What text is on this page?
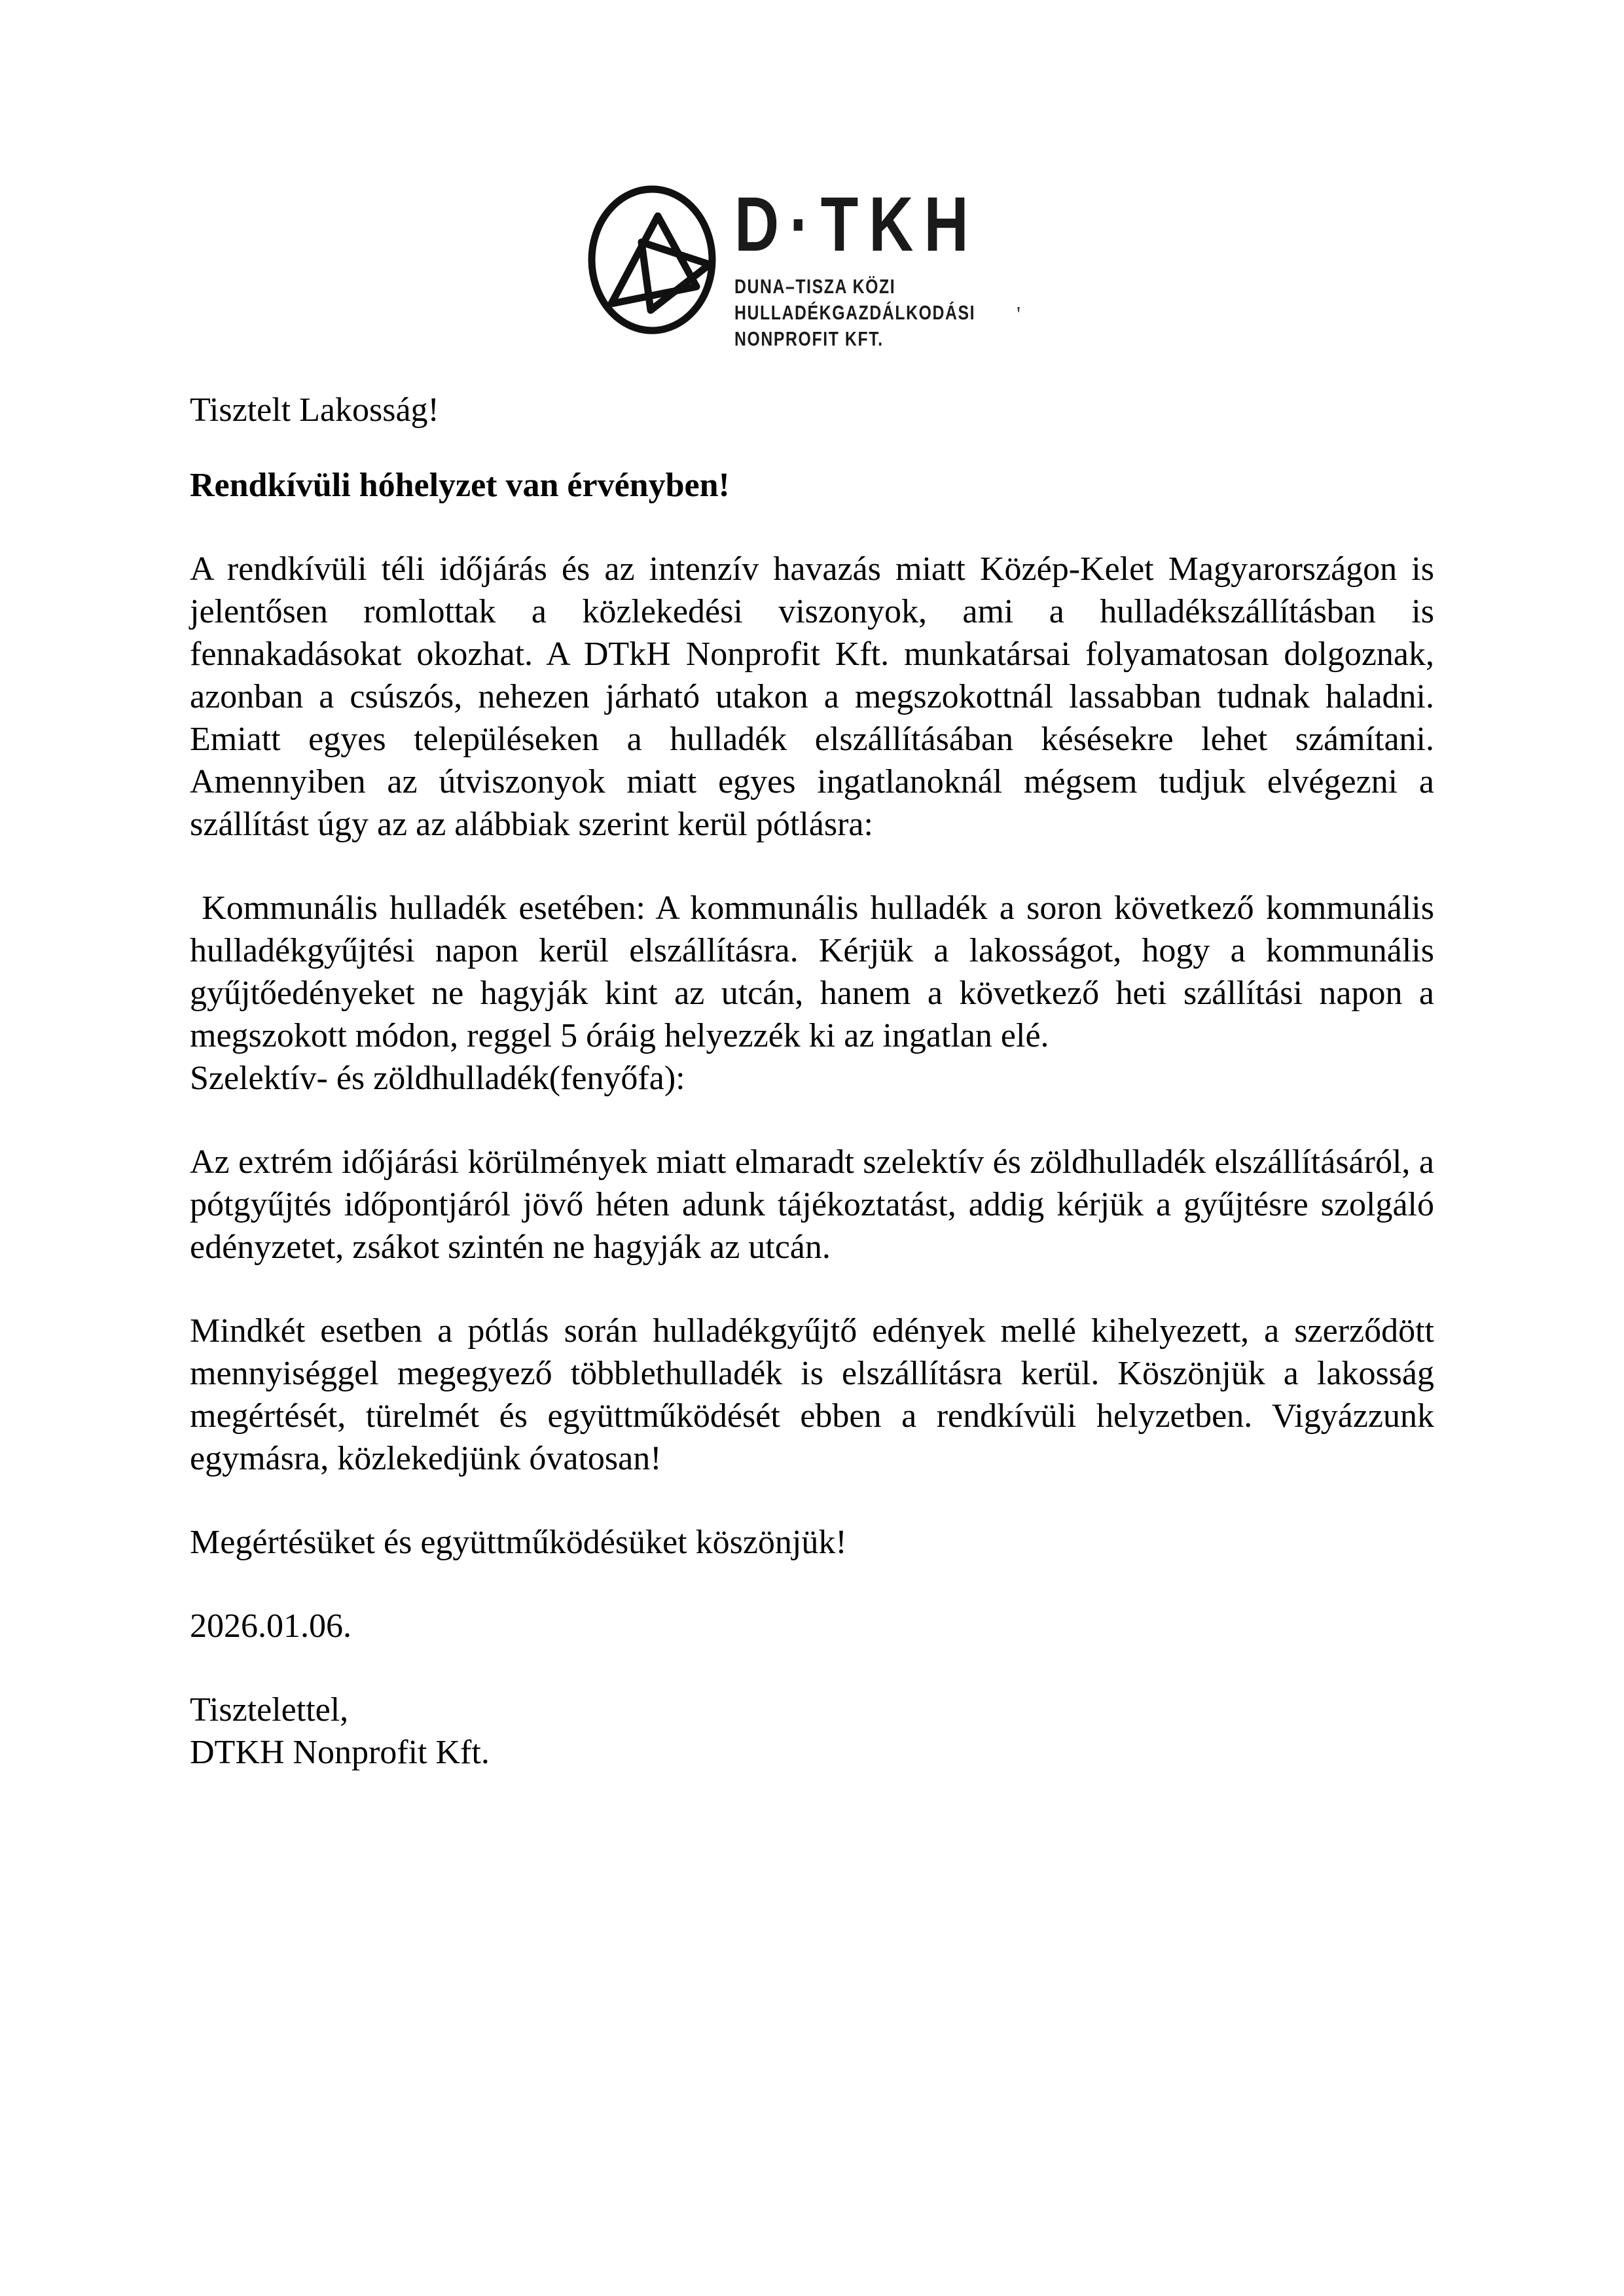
D·TKH
DUNA–TISZA KÖZI
HULLADÉKGAZDÁLKODÁSI
NONPROFIT KFT.
'

Tisztelt Lakosság!

Rendkívüli hóhelyzet van érvényben!

A rendkívüli téli időjárás és az intenzív havazás miatt Közép-Kelet Magyarországon is jelentősen romlottak a közlekedési viszonyok, ami a hulladékszállításban is fennakadásokat okozhat. A DTkH Nonprofit Kft. munkatársai folyamatosan dolgoznak, azonban a csúszós, nehezen járható utakon a megszokottnál lassabban tudnak haladni. Emiatt egyes településeken a hulladék elszállításában késésekre lehet számítani. Amennyiben az útviszonyok miatt egyes ingatlanoknál mégsem tudjuk elvégezni a szállítást úgy az az alábbiak szerint kerül pótlásra:

Kommunális hulladék esetében: A kommunális hulladék a soron következő kommunális hulladékgyűjtési napon kerül elszállításra. Kérjük a lakosságot, hogy a kommunális gyűjtőedényeket ne hagyják kint az utcán, hanem a következő heti szállítási napon a megszokott módon, reggel 5 óráig helyezzék ki az ingatlan elé.

Szelektív- és zöldhulladék(fenyőfa):

Az extrém időjárási körülmények miatt elmaradt szelektív és zöldhulladék elszállításáról, a pótgyűjtés időpontjáról jövő héten adunk tájékoztatást, addig kérjük a gyűjtésre szolgáló edényzetet, zsákot szintén ne hagyják az utcán.

Mindkét esetben a pótlás során hulladékgyűjtő edények mellé kihelyezett, a szerződött mennyiséggel megegyező többlethulladék is elszállításra kerül. Köszönjük a lakosság megértését, türelmét és együttműködését ebben a rendkívüli helyzetben. Vigyázzunk egymásra, közlekedjünk óvatosan!

Megértésüket és együttműködésüket köszönjük!

2026.01.06.

Tisztelettel,
DTKH Nonprofit Kft.
